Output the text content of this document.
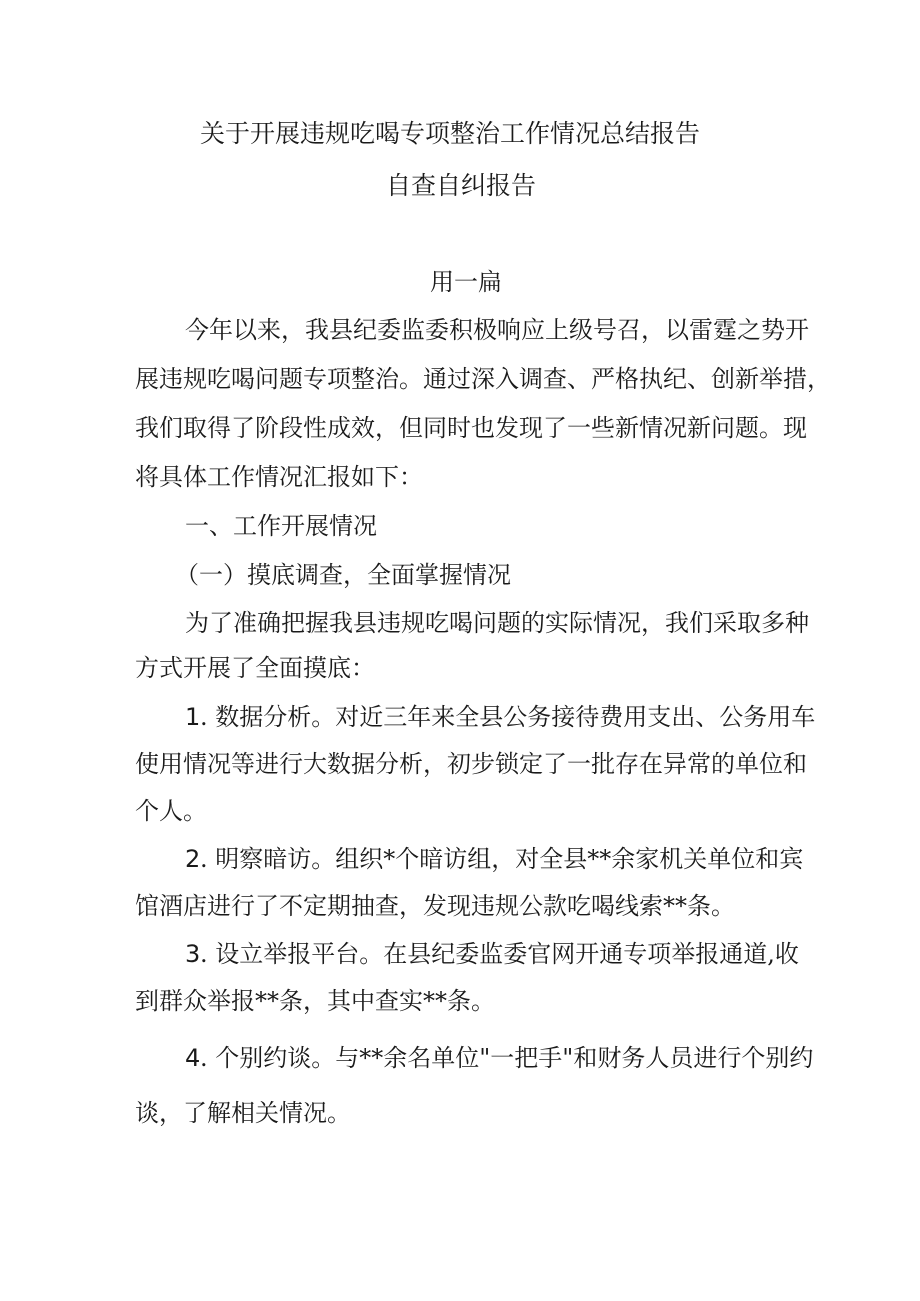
关于开展违规吃喝专项整治工作情况总结报告
自查自纠报告
用一扁
今年以来，我县纪委监委积极响应上级号召，以雷霆之势开
展违规吃喝问题专项整治。通过深入调查、严格执纪、创新举措，
我们取得了阶段性成效，但同时也发现了一些新情况新问题。现
将具体工作情况汇报如下：
一、工作开展情况
（一）摸底调查，全面掌握情况
为了准确把握我县违规吃喝问题的实际情况，我们采取多种
方式开展了全面摸底：
1 . 数据分析。对近三年来全县公务接待费用支出、公务用车
使用情况等进行大数据分析，初步锁定了一批存在异常的单位和
个人。
2 . 明察暗访。组织*个暗访组，对全县**余家机关单位和宾
馆酒店进行了不定期抽查，发现违规公款吃喝线索**条。
3 . 设立举报平台。在县纪委监委官网开通专项举报通道,收
到群众举报**条，其中查实**条。
4 . 个别约谈。与**余名单位"一把手"和财务人员进行个别约
谈，了解相关情况。
